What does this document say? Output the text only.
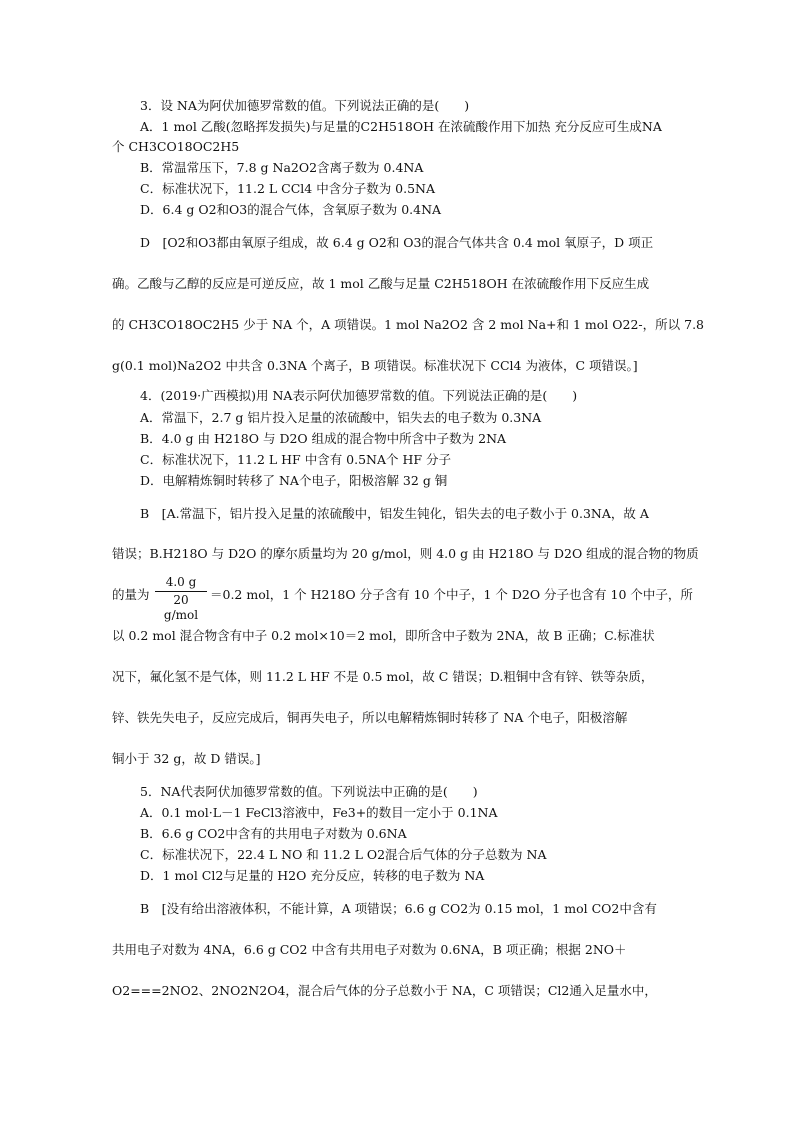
3．设 NA为阿伏加德罗常数的值。下列说法正确的是(　　)
A．1 mol 乙酸(忽略挥发损失)与足量的C2H518OH 在浓硫酸作用下加热 充分反应可生成NA
个 CH3CO18OC2H5
B．常温常压下，7.8 g Na2O2含离子数为 0.4NA
C．标准状况下，11.2 L CCl4 中含分子数为 0.5NA
D．6.4 g O2和O3的混合气体，含氧原子数为 0.4NA
D　[O2和O3都由氧原子组成，故 6.4 g O2和 O3的混合气体共含 0.4 mol 氧原子，D 项正
确。乙酸与乙醇的反应是可逆反应，故 1 mol 乙酸与足量 C2H518OH 在浓硫酸作用下反应生成
的 CH3CO18OC2H5 少于 NA 个，A 项错误。1 mol Na2O2 含 2 mol Na+和 1 mol O22-，所以 7.8
g(0.1 mol)Na2O2 中共含 0.3NA 个离子，B 项错误。标准状况下 CCl4 为液体，C 项错误。]
4．(2019·广西模拟)用 NA表示阿伏加德罗常数的值。下列说法正确的是(　　)
A．常温下，2.7 g 铝片投入足量的浓硫酸中，铝失去的电子数为 0.3NA
B．4.0 g 由 H218O 与 D2O 组成的混合物中所含中子数为 2NA
C．标准状况下，11.2 L HF 中含有 0.5NA个 HF 分子
D．电解精炼铜时转移了 NA个电子，阳极溶解 32 g 铜
B　[A.常温下，铝片投入足量的浓硫酸中，铝发生钝化，铝失去的电子数小于 0.3NA，故 A
错误；B.H218O 与 D2O 的摩尔质量均为 20 g/mol，则 4.0 g 由 H218O 与 D2O 组成的混合物的物质
的量为
4.0 g
20 g/mol
＝0.2 mol，1 个 H218O 分子含有 10 个中子，1 个 D2O 分子也含有 10 个中子，所
以 0.2 mol 混合物含有中子 0.2 mol×10＝2 mol，即所含中子数为 2NA，故 B 正确；C.标准状
况下，氟化氢不是气体，则 11.2 L HF 不是 0.5 mol，故 C 错误；D.粗铜中含有锌、铁等杂质，
锌、铁先失电子，反应完成后，铜再失电子，所以电解精炼铜时转移了 NA 个电子，阳极溶解
铜小于 32 g，故 D 错误。]
5．NA代表阿伏加德罗常数的值。下列说法中正确的是(　　)
A．0.1 mol·L－1 FeCl3溶液中，Fe3+的数目一定小于 0.1NA
B．6.6 g CO2中含有的共用电子对数为 0.6NA
C．标准状况下，22.4 L NO 和 11.2 L O2混合后气体的分子总数为 NA
D．1 mol Cl2与足量的 H2O 充分反应，转移的电子数为 NA
B　[没有给出溶液体积，不能计算，A 项错误；6.6 g CO2为 0.15 mol，1 mol CO2中含有
共用电子对数为 4NA，6.6 g CO2 中含有共用电子对数为 0.6NA，B 项正确；根据 2NO＋
O2===2NO2、2NO2N2O4，混合后气体的分子总数小于 NA，C 项错误；Cl2通入足量水中，
